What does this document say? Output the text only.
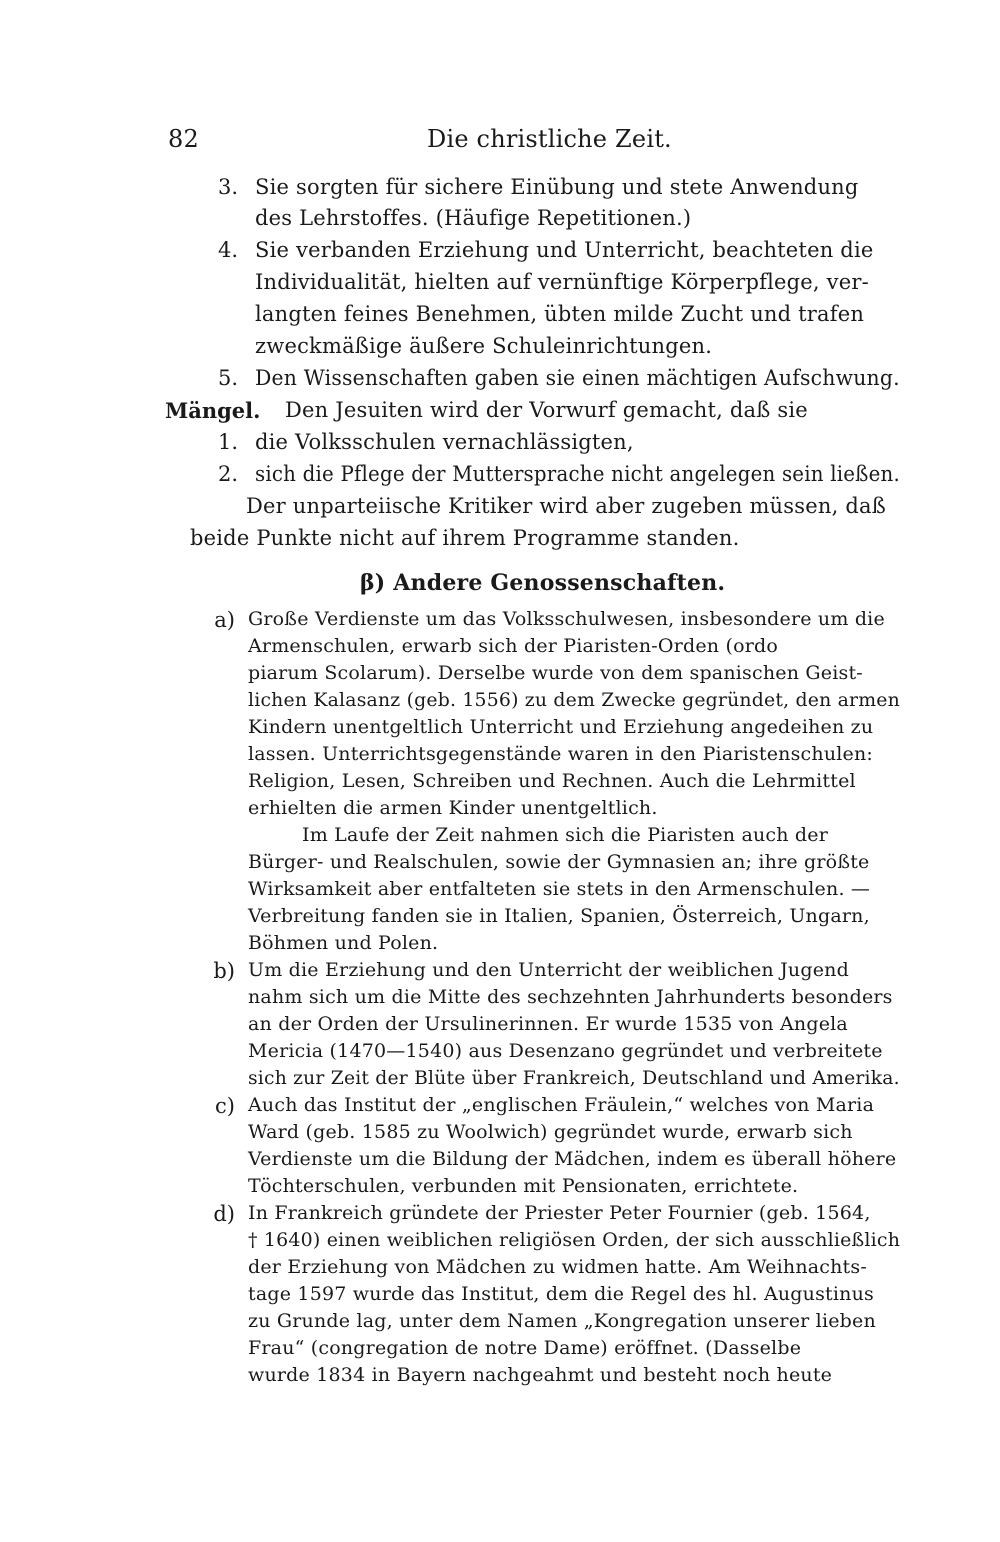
82	Die christliche Zeit.
3. Sie sorgten für sichere Einübung und stete Anwendung
des Lehrstoffes. (Häufige Repetitionen.)
4. Sie verbanden Erziehung und Unterricht, beachteten die
Individualität, hielten auf vernünftige Körperpflege, ver-
langten feines Benehmen, übten milde Zucht und trafen
zweckmäßige äußere Schuleinrichtungen.
5. Den Wissenschaften gaben sie einen mächtigen Aufschwung.
Mängel. Den Jesuiten wird der Vorwurf gemacht, daß sie
1. die Volksschulen vernachlässigten,
2. sich die Pflege der Muttersprache nicht angelegen sein ließen.
Der unparteiische Kritiker wird aber zugeben müssen, daß
beide Punkte nicht auf ihrem Programme standen.
β) Andere Genossenschaften.
a) Große Verdienste um das Volksschulwesen, insbesondere um die
Armenschulen, erwarb sich der Piaristen-Orden (ordo
piarum Scolarum). Derselbe wurde von dem spanischen Geist-
lichen Kalasanz (geb. 1556) zu dem Zwecke gegründet, den armen
Kindern unentgeltlich Unterricht und Erziehung angedeihen zu
lassen. Unterrichtsgegenstände waren in den Piaristenschulen:
Religion, Lesen, Schreiben und Rechnen. Auch die Lehrmittel
erhielten die armen Kinder unentgeltlich.
Im Laufe der Zeit nahmen sich die Piaristen auch der
Bürger- und Realschulen, sowie der Gymnasien an; ihre größte
Wirksamkeit aber entfalteten sie stets in den Armenschulen. —
Verbreitung fanden sie in Italien, Spanien, Österreich, Ungarn,
Böhmen und Polen.
b) Um die Erziehung und den Unterricht der weiblichen Jugend
nahm sich um die Mitte des sechzehnten Jahrhunderts besonders
an der Orden der Ursulinerinnen. Er wurde 1535 von Angela
Mericia (1470—1540) aus Desenzano gegründet und verbreitete
sich zur Zeit der Blüte über Frankreich, Deutschland und Amerika.
c) Auch das Institut der „englischen Fräulein,“ welches von Maria
Ward (geb. 1585 zu Woolwich) gegründet wurde, erwarb sich
Verdienste um die Bildung der Mädchen, indem es überall höhere
Töchterschulen, verbunden mit Pensionaten, errichtete.
d) In Frankreich gründete der Priester Peter Fournier (geb. 1564,
† 1640) einen weiblichen religiösen Orden, der sich ausschließlich
der Erziehung von Mädchen zu widmen hatte. Am Weihnachts-
tage 1597 wurde das Institut, dem die Regel des hl. Augustinus
zu Grunde lag, unter dem Namen „Kongregation unserer lieben
Frau“ (congregation de notre Dame) eröffnet. (Dasselbe
wurde 1834 in Bayern nachgeahmt und besteht noch heute
